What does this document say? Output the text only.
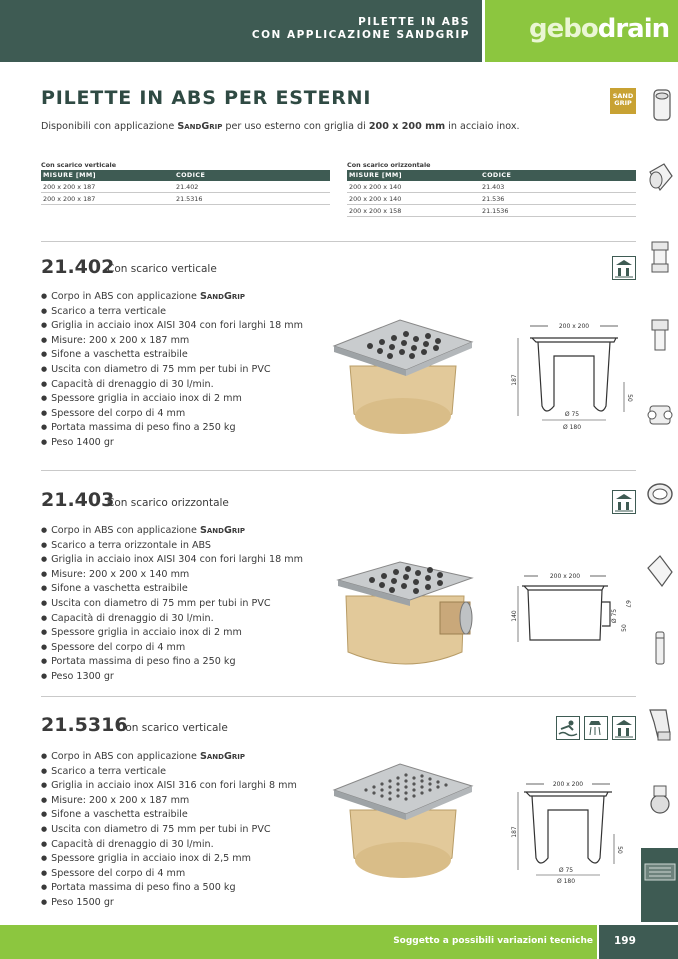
PILETTE IN ABS
CON APPLICAZIONE SANDGRIP gebodrain
PILETTE IN ABS PER ESTERNI	SAND
GRIP
Disponibili con applicazione SandGrip per uso esterno con griglia di 200 x 200 mm in acciaio inox.
Con scarico verticale
MISURE [MM]	CODICE
200 x 200 x 187	21.402
200 x 200 x 187	21.5316
Con scarico orizzontale
MISURE [MM]	CODICE
200 x 200 x 140	21.403
200 x 200 x 140	21.536
200 x 200 x 158	21.1536
21.402
Con scarico verticale
● Corpo in ABS con applicazione SandGrip
● Scarico a terra verticale
● Griglia in acciaio inox AISI 304 con fori larghi 18 mm
● Misure: 200 x 200 x 187 mm
● Sifone a vaschetta estraibile
● Uscita con diametro di 75 mm per tubi in PVC
● Capacità di drenaggio di 30 l/min.
● Spessore griglia in acciaio inox di 2 mm
● Spessore del corpo di 4 mm
● Portata massima di peso fino a 250 kg
● Peso 1400 gr
200 x 200
187
50
Ø 75
Ø 180
21.403
Con scarico orizzontale
● Corpo in ABS con applicazione SandGrip
● Scarico a terra orizzontale in ABS
● Griglia in acciaio inox AISI 304 con fori larghi 18 mm
● Misure: 200 x 200 x 140 mm
● Sifone a vaschetta estraibile
● Uscita con diametro di 75 mm per tubi in PVC
● Capacità di drenaggio di 30 l/min.
● Spessore griglia in acciaio inox di 2 mm
● Spessore del corpo di 4 mm
● Portata massima di peso fino a 250 kg
● Peso 1300 gr
200 x 200
140	Ø 75
67
50
21.5316
Con scarico verticale
● Corpo in ABS con applicazione SandGrip
● Scarico a terra verticale
● Griglia in acciaio inox AISI 316 con fori larghi 8 mm
● Misure: 200 x 200 x 187 mm
● Sifone a vaschetta estraibile
● Uscita con diametro di 75 mm per tubi in PVC
● Capacità di drenaggio di 30 l/min.
● Spessore griglia in acciaio inox di 2,5 mm
● Spessore del corpo di 4 mm
● Portata massima di peso fino a 500 kg
● Peso 1500 gr
200 x 200
187
50
Ø 75
Ø 180
Soggetto a possibili variazioni tecniche 199
